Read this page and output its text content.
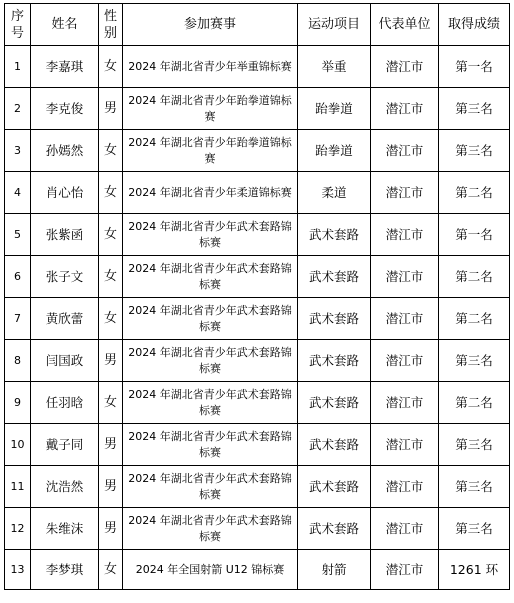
序号	姓名	性别	参加赛事	运动项目	代表单位	取得成绩
1	李嘉琪	女	2024 年湖北省青少年举重锦标赛	举重	潜江市	第一名
2	李克俊	男	2024 年湖北省青少年跆拳道锦标赛	跆拳道	潜江市	第三名
3	孙嫣然	女	2024 年湖北省青少年跆拳道锦标赛	跆拳道	潜江市	第三名
4	肖心怡	女	2024 年湖北省青少年柔道锦标赛	柔道	潜江市	第二名
5	张紫函	女	2024 年湖北省青少年武术套路锦标赛	武术套路	潜江市	第一名
6	张子文	女	2024 年湖北省青少年武术套路锦标赛	武术套路	潜江市	第二名
7	黄欣蕾	女	2024 年湖北省青少年武术套路锦标赛	武术套路	潜江市	第二名
8	闫国政	男	2024 年湖北省青少年武术套路锦标赛	武术套路	潜江市	第三名
9	任羽晗	女	2024 年湖北省青少年武术套路锦标赛	武术套路	潜江市	第二名
10	戴子同	男	2024 年湖北省青少年武术套路锦标赛	武术套路	潜江市	第三名
11	沈浩然	男	2024 年湖北省青少年武术套路锦标赛	武术套路	潜江市	第三名
12	朱维沫	男	2024 年湖北省青少年武术套路锦标赛	武术套路	潜江市	第三名
13	李梦琪	女	2024 年全国射箭 U12 锦标赛	射箭	潜江市	1261 环
